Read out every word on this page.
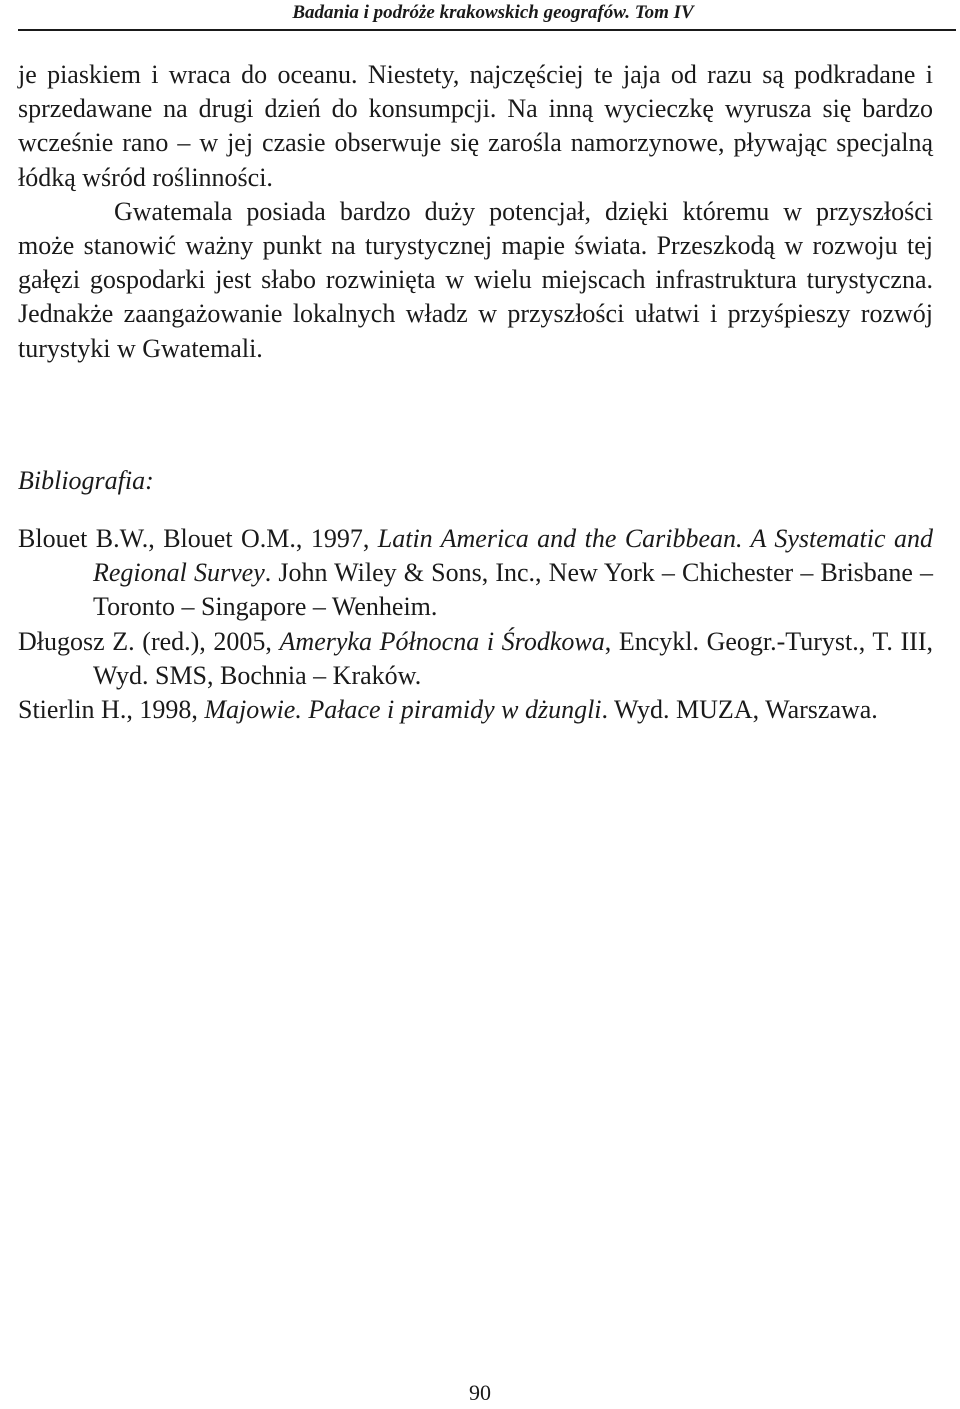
Badania i podróże krakowskich geografów. Tom IV

je piaskiem i wraca do oceanu. Niestety, najczęściej te jaja od razu są podkradane i sprzedawane na drugi dzień do konsumpcji. Na inną wycieczkę wyrusza się bardzo wcześnie rano – w jej czasie obserwuje się zarośla namorzynowe, pływając specjalną łódką wśród roślinności.

Gwatemala posiada bardzo duży potencjał, dzięki któremu w przyszłości może stanowić ważny punkt na turystycznej mapie świata. Przeszkodą w rozwoju tej gałęzi gospodarki jest słabo rozwinięta w wielu miejscach infrastruktura turystyczna. Jednakże zaangażowanie lokalnych władz w przyszłości ułatwi i przyśpieszy rozwój turystyki w Gwatemali.

Bibliografia:
Blouet B.W., Blouet O.M., 1997, Latin America and the Caribbean. A Systematic and Regional Survey. John Wiley & Sons, Inc., New York – Chichester – Brisbane – Toronto – Singapore – Wenheim.
Długosz Z. (red.), 2005, Ameryka Północna i Środkowa, Encykl. Geogr.-Turyst., T. III, Wyd. SMS, Bochnia – Kraków.
Stierlin H., 1998, Majowie. Pałace i piramidy w dżungli. Wyd. MUZA, Warszawa.
90
